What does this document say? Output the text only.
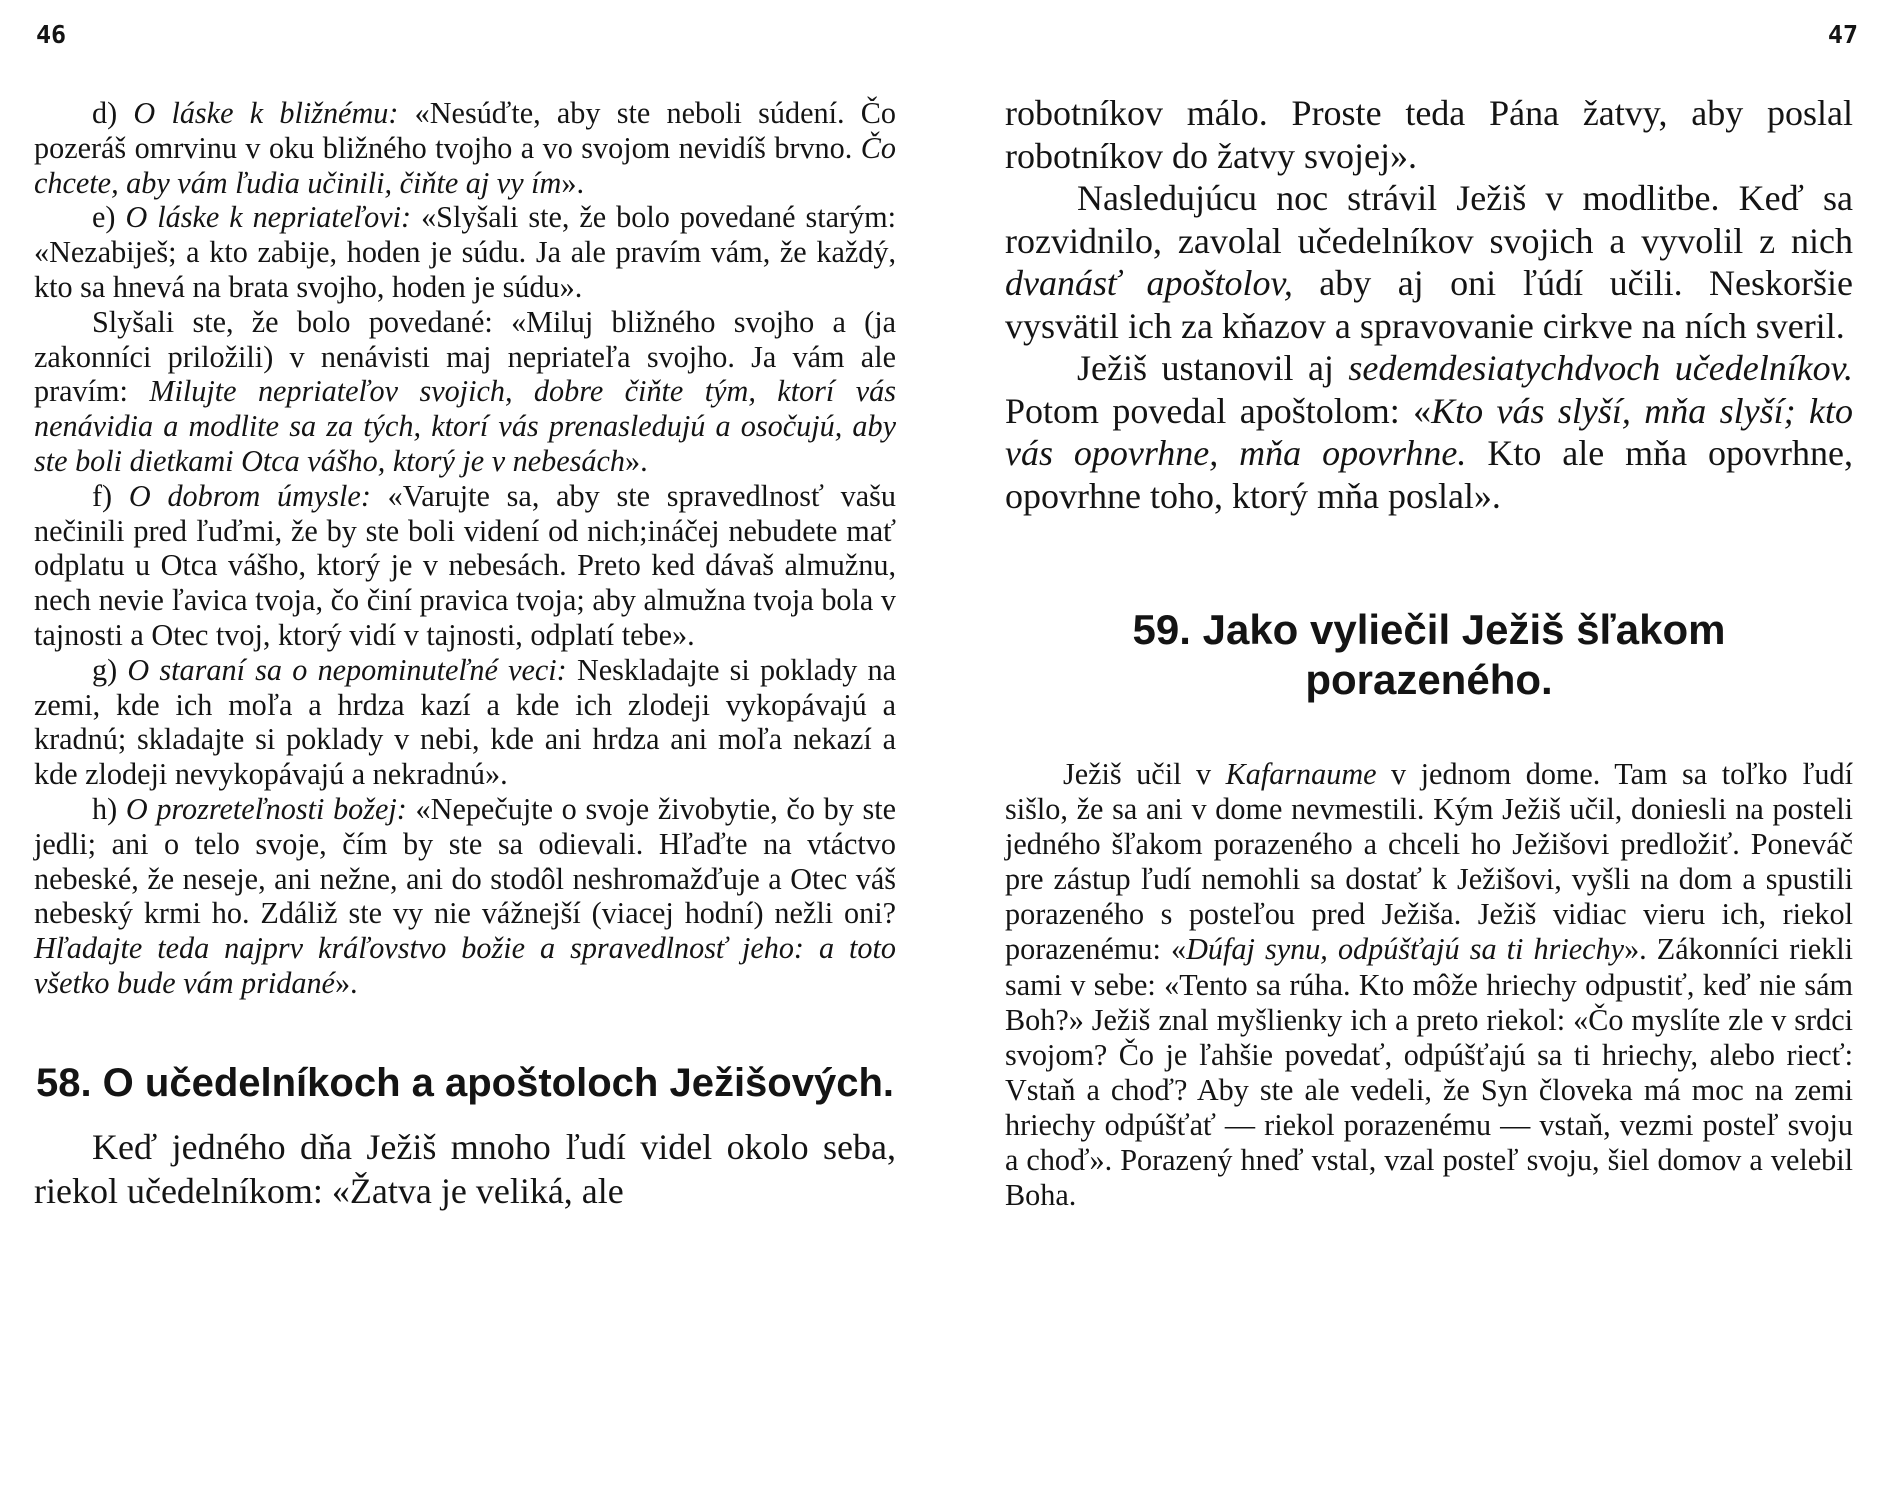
46

d) O láske k bližnému: «Nesúďte, aby ste neboli súdení. Čo pozeráš omrvinu v oku bližného tvojho a vo svojom nevidíš brvno. Čo chcete, aby vám ľudia učinili, čiňte aj vy ím».

e) O láske k nepriateľovi: «Slyšali ste, že bolo povedané starým: «Nezabiješ; a kto zabije, hoden je súdu. Ja ale pravím vám, že každý, kto sa hnevá na brata svojho, hoden je súdu».

Slyšali ste, že bolo povedané: «Miluj bližného svojho a (ja zakonníci priložili) v nenávisti maj nepriateľa svojho. Ja vám ale pravím: Milujte nepriateľov svojich, dobre čiňte tým, ktorí vás nenávidia a modlite sa za tých, ktorí vás prenasledujú a osočujú, aby ste boli dietkami Otca vášho, ktorý je v nebesách».

f) O dobrom úmysle: «Varujte sa, aby ste spravedlnosť vašu nečinili pred ľuďmi, že by ste boli videní od nich;ináčej nebudete mať odplatu u Otca vášho, ktorý je v nebesách. Preto ked dávaš almužnu, nech nevie ľavica tvoja, čo činí pravica tvoja; aby almužna tvoja bola v tajnosti a Otec tvoj, ktorý vidí v tajnosti, odplatí tebe».

g) O staraní sa o nepominuteľné veci: Neskladajte si poklady na zemi, kde ich moľa a hrdza kazí a kde ich zlodeji vykopávajú a kradnú; skladajte si poklady v nebi, kde ani hrdza ani moľa nekazí a kde zlodeji nevykopávajú a nekradnú».

h) O prozreteľnosti božej: «Nepečujte o svoje živobytie, čo by ste jedli; ani o telo svoje, čím by ste sa odievali. Hľaďte na vtáctvo nebeské, že neseje, ani nežne, ani do stodôl neshromažďuje a Otec váš nebeský krmi ho. Zdáliž ste vy nie vážnejší (viacej hodní) nežli oni? Hľadajte teda najprv kráľovstvo božie a spravedlnosť jeho: a toto všetko bude vám pridané».

58. O učedelníkoch a apoštoloch Ježišových.

Keď jedného dňa Ježiš mnoho ľudí videl okolo seba, riekol učedelníkom: «Žatva je veliká, ale

47

robotníkov málo. Proste teda Pána žatvy, aby poslal robotníkov do žatvy svojej».

Nasledujúcu noc strávil Ježiš v modlitbe. Keď sa rozvidnilo, zavolal učedelníkov svojich a vyvolil z nich dvanásť apoštolov, aby aj oni ľúdí učili. Neskoršie vysvätil ich za kňazov a spravovanie cirkve na ních sveril.

Ježiš ustanovil aj sedemdesiatychdvoch učedelníkov. Potom povedal apoštolom: «Kto vás slyší, mňa slyší; kto vás opovrhne, mňa opovrhne. Kto ale mňa opovrhne, opovrhne toho, ktorý mňa poslal».

59. Jako vyliečil Ježiš šľakom porazeného.

Ježiš učil v Kafarnaume v jednom dome. Tam sa toľko ľudí sišlo, že sa ani v dome nevmestili. Kým Ježiš učil, doniesli na posteli jedného šľakom porazeného a chceli ho Ježišovi predložiť. Poneváč pre zástup ľudí nemohli sa dostať k Ježišovi, vyšli na dom a spustili porazeného s posteľou pred Ježiša. Ježiš vidiac vieru ich, riekol porazenému: «Dúfaj synu, odpúšťajú sa ti hriechy». Zákonníci riekli sami v sebe: «Tento sa rúha. Kto môže hriechy odpustiť, keď nie sám Boh?» Ježiš znal myšlienky ich a preto riekol: «Čo myslíte zle v srdci svojom? Čo je ľahšie povedať, odpúšťajú sa ti hriechy, alebo riecť: Vstaň a choď? Aby ste ale vedeli, že Syn človeka má moc na zemi hriechy odpúšťať — riekol porazenému — vstaň, vezmi posteľ svoju a choď». Porazený hneď vstal, vzal posteľ svoju, šiel domov a velebil Boha.
